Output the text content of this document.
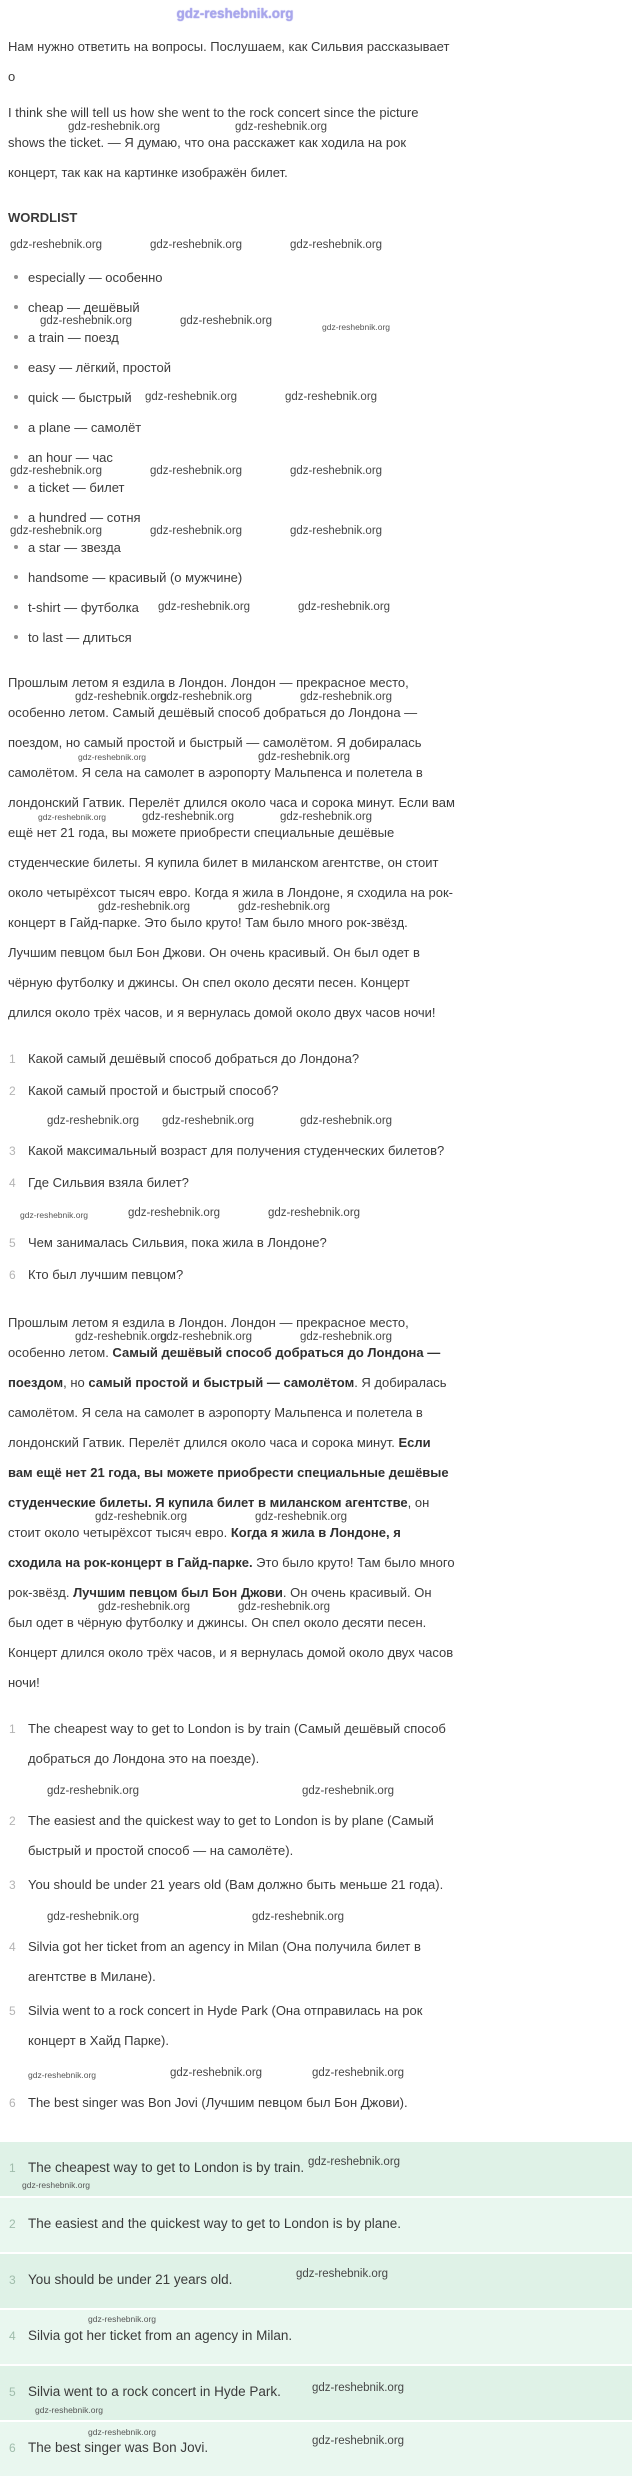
gdz-reshebnik.org

Нам нужно ответить на вопросы. Послушаем, как Сильвия рассказывает о

I think she will tell us how she went to the rock concert since the picture shows the ticket. — Я думаю, что она расскажет как ходила на рок концерт, так как на картинке изображён билет.
gdz-reshebnik.org	gdz-reshebnik.org
WORDLIST
gdz-reshebnik.org	gdz-reshebnik.org	gdz-reshebnik.org
especially — особенно
cheap — дешёвый
a train — поезд
easy — лёгкий, простой
quick — быстрый
a plane — самолёт
an hour — час
a ticket — билет
a hundred — сотня
a star — звезда
handsome — красивый (о мужчине)
t-shirt — футболка
to last — длиться
gdz-reshebnik.org	gdz-reshebnik.org	gdz-reshebnik.org
gdz-reshebnik.org	gdz-reshebnik.org
gdz-reshebnik.org	gdz-reshebnik.org	gdz-reshebnik.org
gdz-reshebnik.org	gdz-reshebnik.org	gdz-reshebnik.org
gdz-reshebnik.org	gdz-reshebnik.org
Прошлым летом я ездила в Лондон. Лондон — прекрасное место, особенно летом. Самый дешёвый способ добраться до Лондона — поездом, но самый простой и быстрый — самолётом. Я добиралась самолётом. Я села на самолет в аэропорту Мальпенса и полетела в лондонский Гатвик. Перелёт длился около часа и сорока минут. Если вам ещё нет 21 года, вы можете приобрести специальные дешёвые студенческие билеты. Я купила билет в миланском агентстве, он стоит около четырёхсот тысяч евро. Когда я жила в Лондоне, я сходила на рок-концерт в Гайд-парке. Это было круто! Там было много рок-звёзд. Лучшим певцом был Бон Джови. Он очень красивый. Он был одет в чёрную футболку и джинсы. Он спел около десяти песен. Концерт длился около трёх часов, и я вернулась домой около двух часов ночи!
gdz-reshebnik.org
gdz-reshebnik.org	gdz-reshebnik.org
gdz-reshebnik.org	gdz-reshebnik.org
gdz-reshebnik.org	gdz-reshebnik.org	gdz-reshebnik.org
gdz-reshebnik.org	gdz-reshebnik.org
1 Какой самый дешёвый способ добраться до Лондона?
2 Какой самый простой и быстрый способ?
gdz-reshebnik.org gdz-reshebnik.org	gdz-reshebnik.org
3 Какой максимальный возраст для получения студенческих билетов?
4 Где Сильвия взяла билет?
gdz-reshebnik.org	gdz-reshebnik.org	gdz-reshebnik.org
5 Чем занималась Сильвия, пока жила в Лондоне?
6 Кто был лучшим певцом?
Прошлым летом я ездила в Лондон. Лондон — прекрасное место, особенно летом. Самый дешёвый способ добраться до Лондона — поездом, но самый простой и быстрый — самолётом. Я добиралась самолётом. Я села на самолет в аэропорту Мальпенса и полетела в лондонский Гатвик. Перелёт длился около часа и сорока минут. Если вам ещё нет 21 года, вы можете приобрести специальные дешёвые студенческие билеты. Я купила билет в миланском агентстве, он стоит около четырёхсот тысяч евро. Когда я жила в Лондоне, я сходила на рок-концерт в Гайд-парке. Это было круто! Там было много рок-звёзд. Лучшим певцом был Бон Джови. Он очень красивый. Он был одет в чёрную футболку и джинсы. Он спел около десяти песен. Концерт длился около трёх часов, и я вернулась домой около двух часов ночи!
gdz-reshebnik.org
gdz-reshebnik.org	gdz-reshebnik.org
gdz-reshebnik.org	gdz-reshebnik.org
gdz-reshebnik.org	gdz-reshebnik.org
1 The cheapest way to get to London is by train (Самый дешёвый способ добраться до Лондона это на поезде).
gdz-reshebnik.org	gdz-reshebnik.org
2 The easiest and the quickest way to get to London is by plane (Самый быстрый и простой способ — на самолёте).
3 You should be under 21 years old (Вам должно быть меньше 21 года).
gdz-reshebnik.org	gdz-reshebnik.org
4 Silvia got her ticket from an agency in Milan (Она получила билет в агентстве в Милане).
5 Silvia went to a rock concert in Hyde Park (Она отправилась на рок концерт в Хайд Парке).
gdz-reshebnik.org	gdz-reshebnik.org	gdz-reshebnik.org
6 The best singer was Bon Jovi (Лучшим певцом был Бон Джови).
1 The cheapest way to get to London is by train. gdz-reshebnik.org
gdz-reshebnik.org
2 The easiest and the quickest way to get to London is by plane.
3 You should be under 21 years old.	gdz-reshebnik.org
4 Silvia got her ticket from an agency in Milan.
gdz-reshebnik.org
5 Silvia went to a rock concert in Hyde Park.	gdz-reshebnik.org
gdz-reshebnik.org
6 The best singer was Bon Jovi.
gdz-reshebnik.org
gdz-reshebnik.org
